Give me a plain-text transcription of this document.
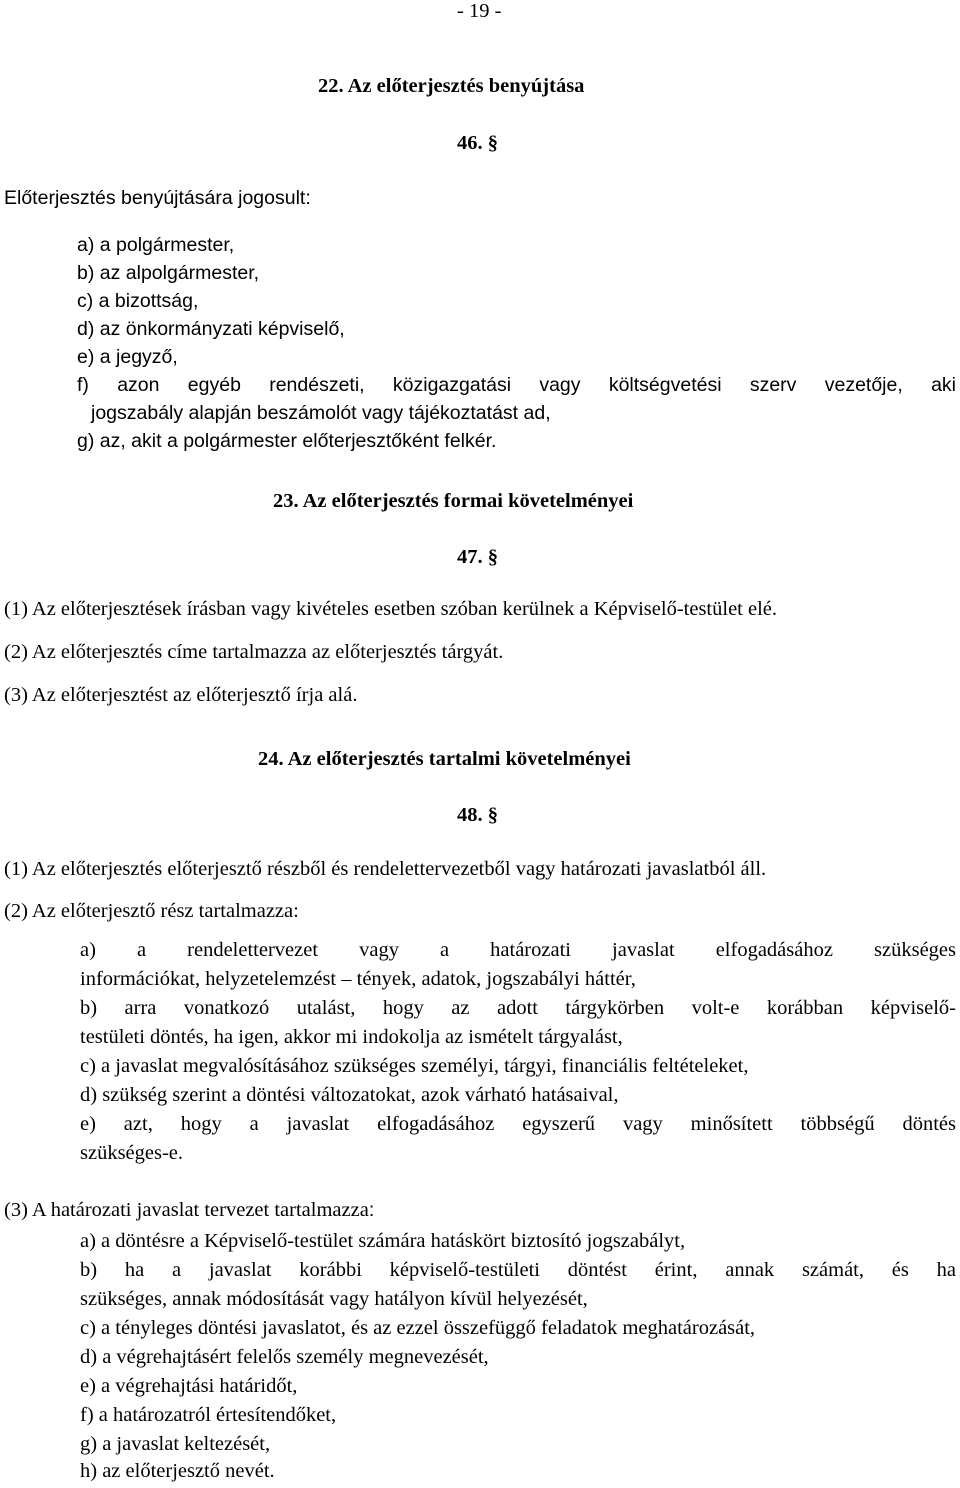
- 19 -
22. Az előterjesztés benyújtása
46. §
Előterjesztés benyújtására jogosult:
a) a polgármester,
b) az alpolgármester,
c) a bizottság,
d) az önkormányzati képviselő,
e) a jegyző,
f) azon egyéb rendészeti, közigazgatási vagy költségvetési szerv vezetője, aki
jogszabály alapján beszámolót vagy tájékoztatást ad,
g) az, akit a polgármester előterjesztőként felkér.
23. Az előterjesztés formai követelményei
47. §
(1) Az előterjesztések írásban vagy kivételes esetben szóban kerülnek a Képviselő-testület elé.
(2) Az előterjesztés címe tartalmazza az előterjesztés tárgyát.
(3) Az előterjesztést az előterjesztő írja alá.
24. Az előterjesztés tartalmi követelményei
48. §
(1) Az előterjesztés előterjesztő részből és rendelettervezetből vagy határozati javaslatból áll.
(2) Az előterjesztő rész tartalmazza:
a) a rendelettervezet vagy a határozati javaslat elfogadásához szükséges
információkat, helyzetelemzést – tények, adatok, jogszabályi háttér,
b) arra vonatkozó utalást, hogy az adott tárgykörben volt-e korábban képviselő-
testületi döntés, ha igen, akkor mi indokolja az ismételt tárgyalást,
c) a javaslat megvalósításához szükséges személyi, tárgyi, financiális feltételeket,
d) szükség szerint a döntési változatokat, azok várható hatásaival,
e) azt, hogy a javaslat elfogadásához egyszerű vagy minősített többségű döntés
szükséges-e.
(3) A határozati javaslat tervezet tartalmazza:
a) a döntésre a Képviselő-testület számára hatáskört biztosító jogszabályt,
b) ha a javaslat korábbi képviselő-testületi döntést érint, annak számát, és ha
szükséges, annak módosítását vagy hatályon kívül helyezését,
c) a tényleges döntési javaslatot, és az ezzel összefüggő feladatok meghatározását,
d) a végrehajtásért felelős személy megnevezését,
e) a végrehajtási határidőt,
f) a határozatról értesítendőket,
g) a javaslat keltezését,
h) az előterjesztő nevét.
